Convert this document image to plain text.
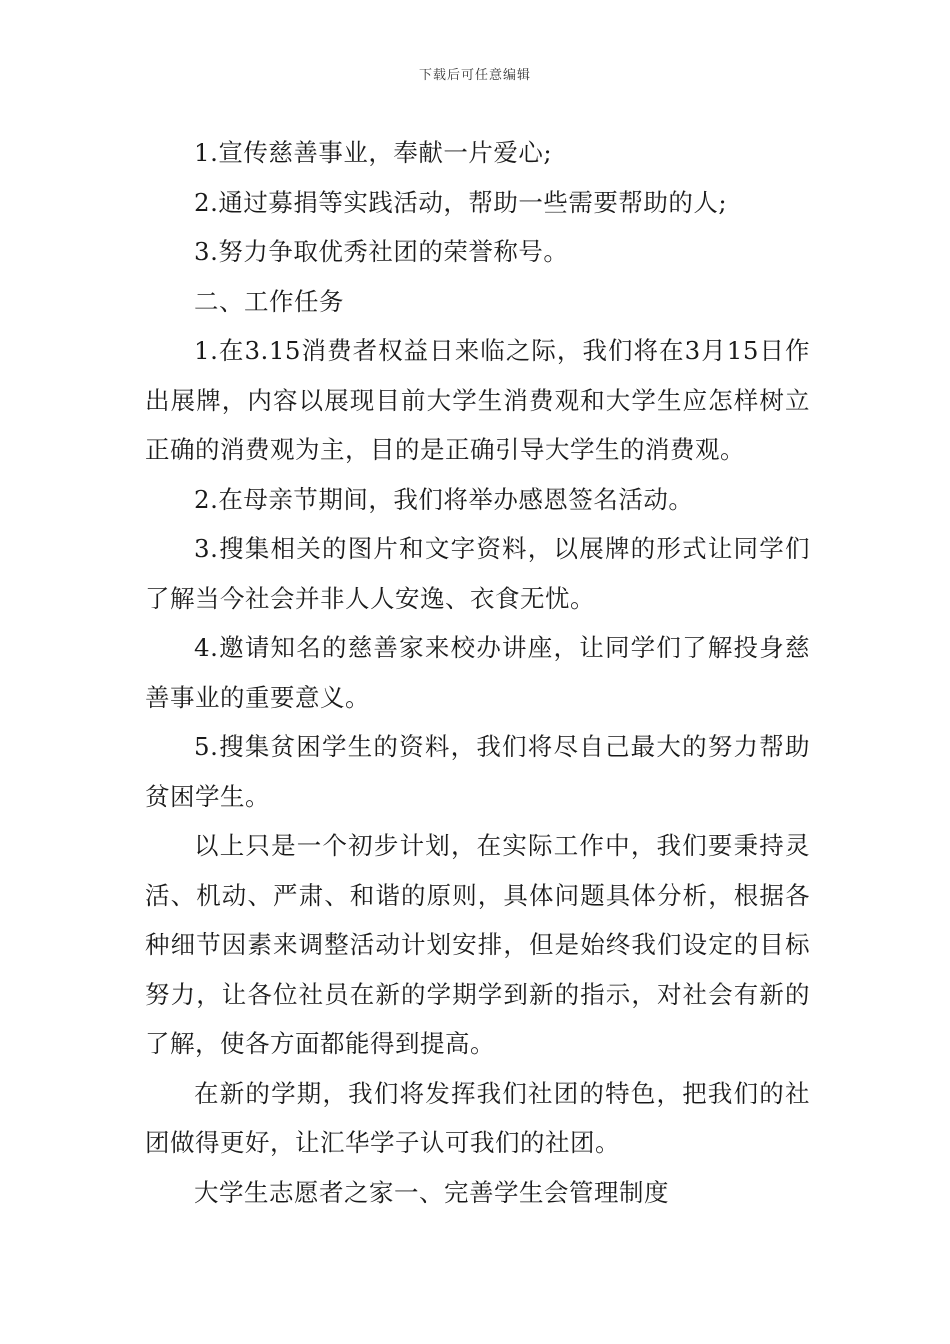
下载后可任意编辑

1.宣传慈善事业，奉献一片爱心;

2.通过募捐等实践活动，帮助一些需要帮助的人;

3.努力争取优秀社团的荣誉称号。

二、工作任务

1.在3.15消费者权益日来临之际，我们将在3月15日作出展牌，内容以展现目前大学生消费观和大学生应怎样树立正确的消费观为主，目的是正确引导大学生的消费观。

2.在母亲节期间，我们将举办感恩签名活动。

3.搜集相关的图片和文字资料，以展牌的形式让同学们了解当今社会并非人人安逸、衣食无忧。

4.邀请知名的慈善家来校办讲座，让同学们了解投身慈善事业的重要意义。

5.搜集贫困学生的资料，我们将尽自己最大的努力帮助贫困学生。

以上只是一个初步计划，在实际工作中，我们要秉持灵活、机动、严肃、和谐的原则，具体问题具体分析，根据各种细节因素来调整活动计划安排，但是始终我们设定的目标努力，让各位社员在新的学期学到新的指示，对社会有新的了解，使各方面都能得到提高。

在新的学期，我们将发挥我们社团的特色，把我们的社团做得更好，让汇华学子认可我们的社团。

大学生志愿者之家一、完善学生会管理制度
